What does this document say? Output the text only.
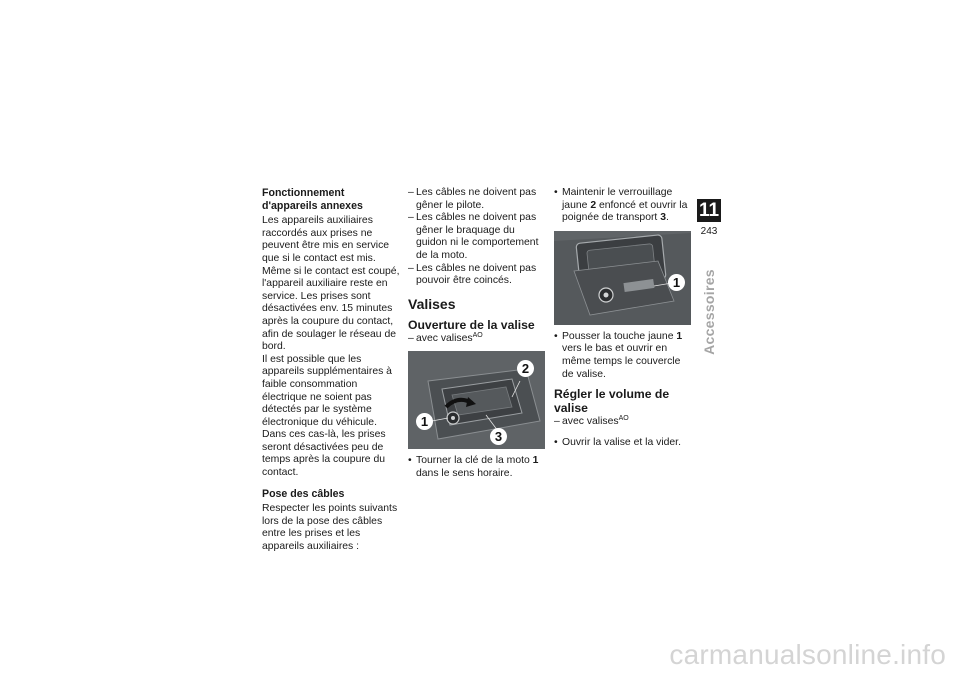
Fonctionnement d'appareils annexes

Les appareils auxiliaires raccordés aux prises ne peuvent être mis en service que si le contact est mis. Même si le contact est coupé, l'appareil auxiliaire reste en service. Les prises sont désactivées env. 15 minutes après la coupure du contact, afin de soulager le réseau de bord.

Il est possible que les appareils supplémentaires à faible consommation électrique ne soient pas détectés par le système électronique du véhicule. Dans ces cas-là, les prises seront désactivées peu de temps après la coupure du contact.

Pose des câbles

Respecter les points suivants lors de la pose des câbles entre les prises et les appareils auxiliaires :

– Les câbles ne doivent pas gêner le pilote.

– Les câbles ne doivent pas gêner le braquage du guidon ni le comportement de la moto.

– Les câbles ne doivent pas pouvoir être coincés.

Valises
Ouverture de la valise

– avec valises$^{AO}$

2
1
3

• Tourner la clé de la moto 1 dans le sens horaire.

• Maintenir le verrouillage jaune 2 enfoncé et ouvrir la poignée de transport 3.

1

• Pousser la touche jaune 1 vers le bas et ouvrir en même temps le couvercle de valise.

Régler le volume de valise

– avec valises$^{AO}$

• Ouvrir la valise et la vider.

11
243
Accessoires
carmanualsonline.info
